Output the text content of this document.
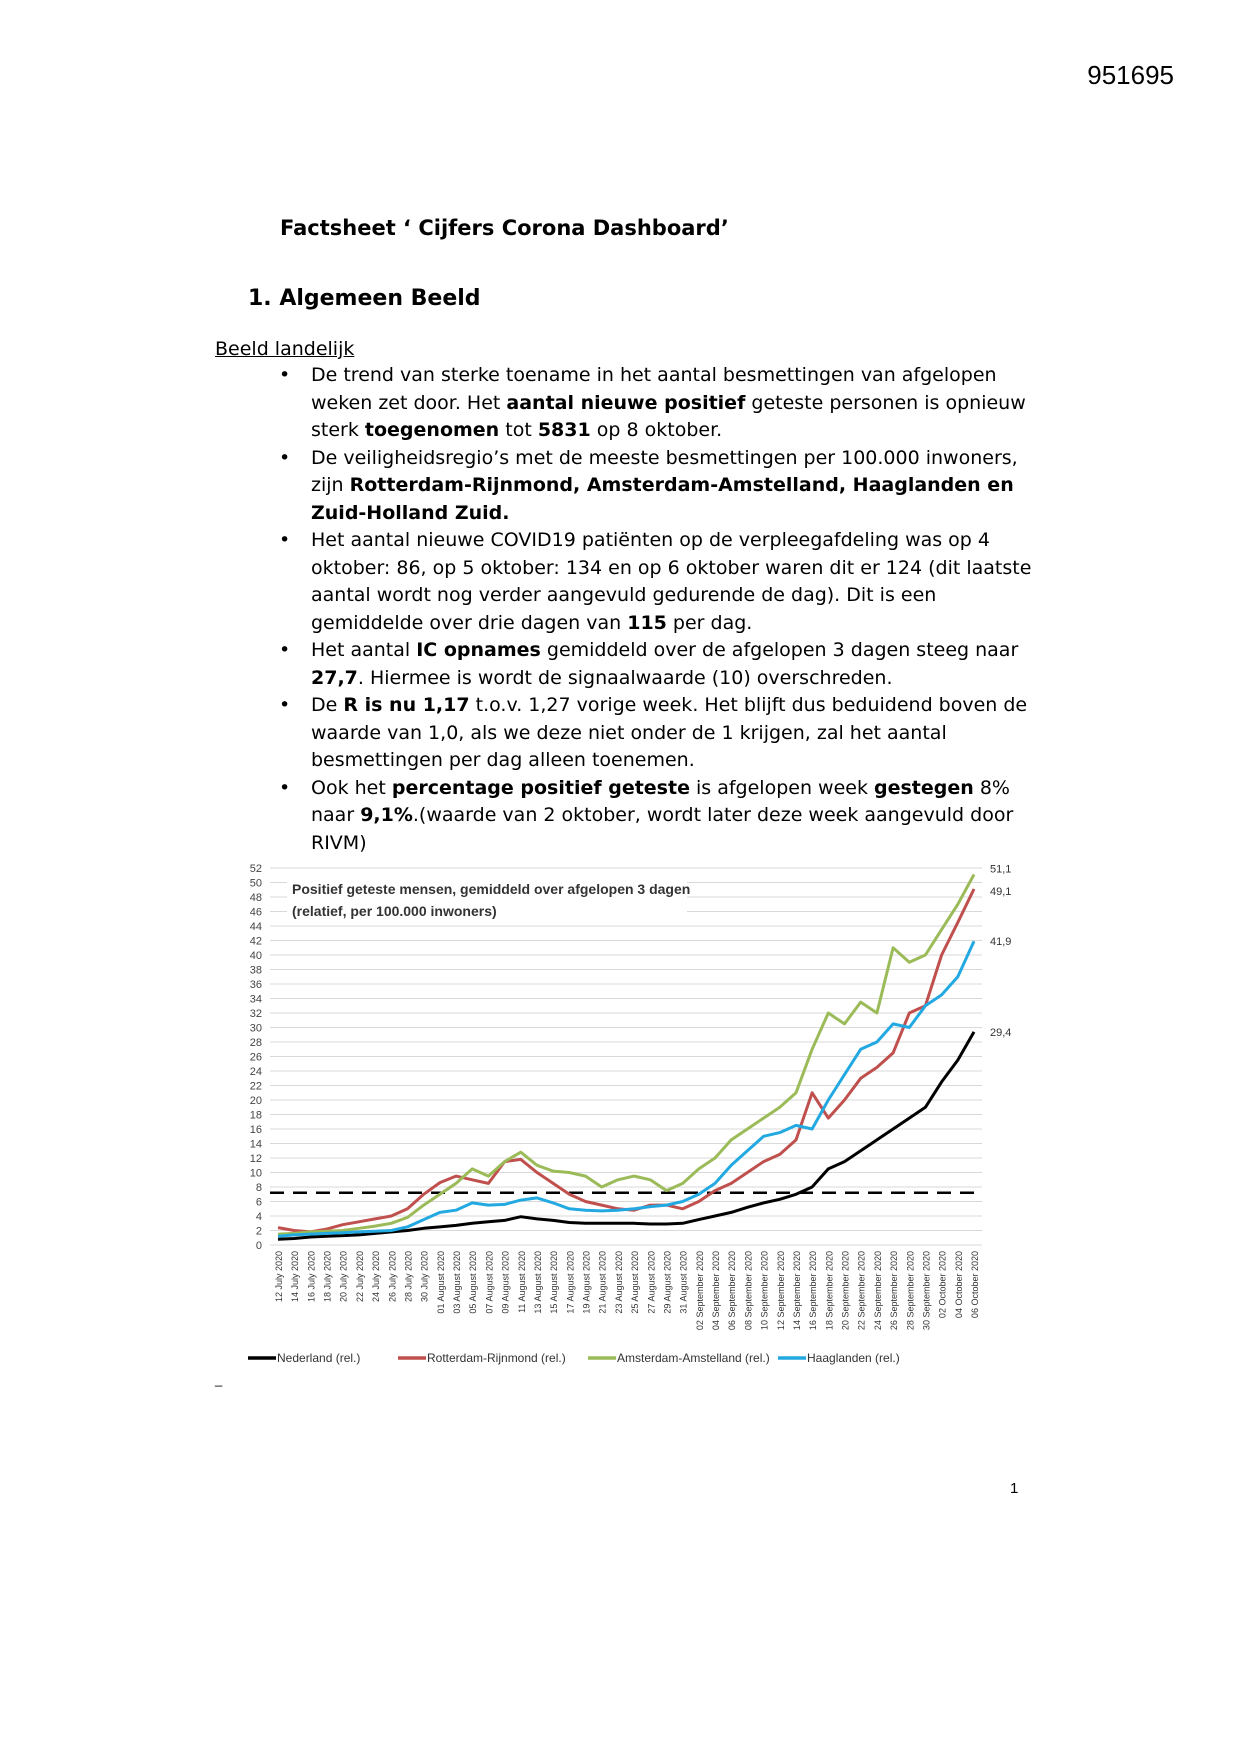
951695
Factsheet ‘ Cijfers Corona Dashboard’
1. Algemeen Beeld
Beeld landelijk
• De trend van sterke toename in het aantal besmettingen van afgelopen weken zet door. Het aantal nieuwe positief geteste personen is opnieuw sterk toegenomen tot 5831 op 8 oktober.
• De veiligheidsregio’s met de meeste besmettingen per 100.000 inwoners, zijn Rotterdam-Rijnmond, Amsterdam-Amstelland, Haaglanden en Zuid-Holland Zuid.
• Het aantal nieuwe COVID19 patiënten op de verpleegafdeling was op 4 oktober: 86, op 5 oktober: 134 en op 6 oktober waren dit er 124 (dit laatste aantal wordt nog verder aangevuld gedurende de dag). Dit is een gemiddelde over drie dagen van 115 per dag.
• Het aantal IC opnames gemiddeld over de afgelopen 3 dagen steeg naar 27,7. Hiermee is wordt de signaalwaarde (10) overschreden.
• De R is nu 1,17 t.o.v. 1,27 vorige week. Het blijft dus beduidend boven de waarde van 1,0, als we deze niet onder de 1 krijgen, zal het aantal besmettingen per dag alleen toenemen.
• Ook het percentage positief geteste is afgelopen week gestegen 8% naar 9,1%.(waarde van 2 oktober, wordt later deze week aangevuld door RIVM)
Positief geteste mensen, gemiddeld over afgelopen 3 dagen
(relatief, per 100.000 inwoners)
0
2
4
6
8
10
12
14
16
18
20
22
24
26
28
30
32
34
36
38
40
42
44
46
48
50
52
29,4
49,1
51,1
41,9
12 July 2020 14 July 2020 16 July 2020 18 July 2020 20 July 2020 22 July 2020 24 July 2020 26 July 2020 28 July 2020 30 July 2020 01 August 2020 03 August 2020 05 August 2020 07 August 2020 09 August 2020 11 August 2020 13 August 2020 15 August 2020 17 August 2020 19 August 2020 21 August 2020 23 August 2020 25 August 2020 27 August 2020 29 August 2020 31 August 2020 02 September 2020 04 September 2020 06 September 2020 08 September 2020 10 September 2020 12 September 2020 14 September 2020 16 September 2020 18 September 2020 20 September 2020 22 September 2020 24 September 2020 26 September 2020 28 September 2020 30 September 2020 02 October 2020 04 October 2020 06 October 2020
Nederland (rel.)	Rotterdam-Rijnmond (rel.)	Amsterdam-Amstelland (rel.)	Haaglanden (rel.)
_
1
